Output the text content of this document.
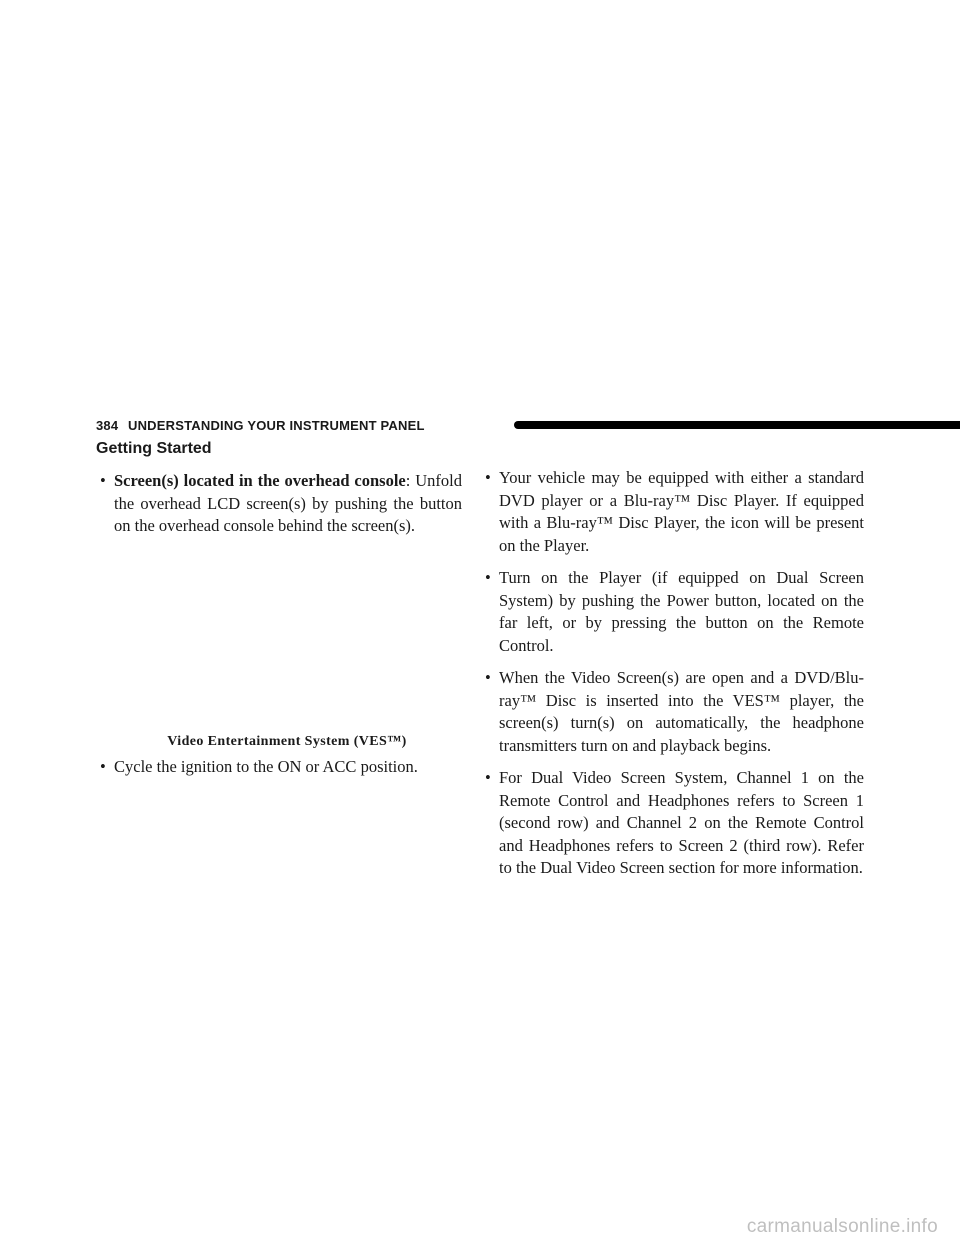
384 UNDERSTANDING YOUR INSTRUMENT PANEL
Getting Started
• Screen(s) located in the overhead console: Unfold the overhead LCD screen(s) by pushing the button on the overhead console behind the screen(s).
Video Entertainment System (VES™)
• Cycle the ignition to the ON or ACC position.
• Your vehicle may be equipped with either a standard DVD player or a Blu-ray™ Disc Player. If equipped with a Blu-ray™ Disc Player, the icon will be present on the Player.
• Turn on the Player (if equipped on Dual Screen System) by pushing the Power button, located on the far left, or by pressing the button on the Remote Control.
• When the Video Screen(s) are open and a DVD/Blu-ray™ Disc is inserted into the VES™ player, the screen(s) turn(s) on automatically, the headphone transmitters turn on and playback begins.
• For Dual Video Screen System, Channel 1 on the Remote Control and Headphones refers to Screen 1 (second row) and Channel 2 on the Remote Control and Headphones refers to Screen 2 (third row). Refer to the Dual Video Screen section for more information.
carmanualsonline.info
